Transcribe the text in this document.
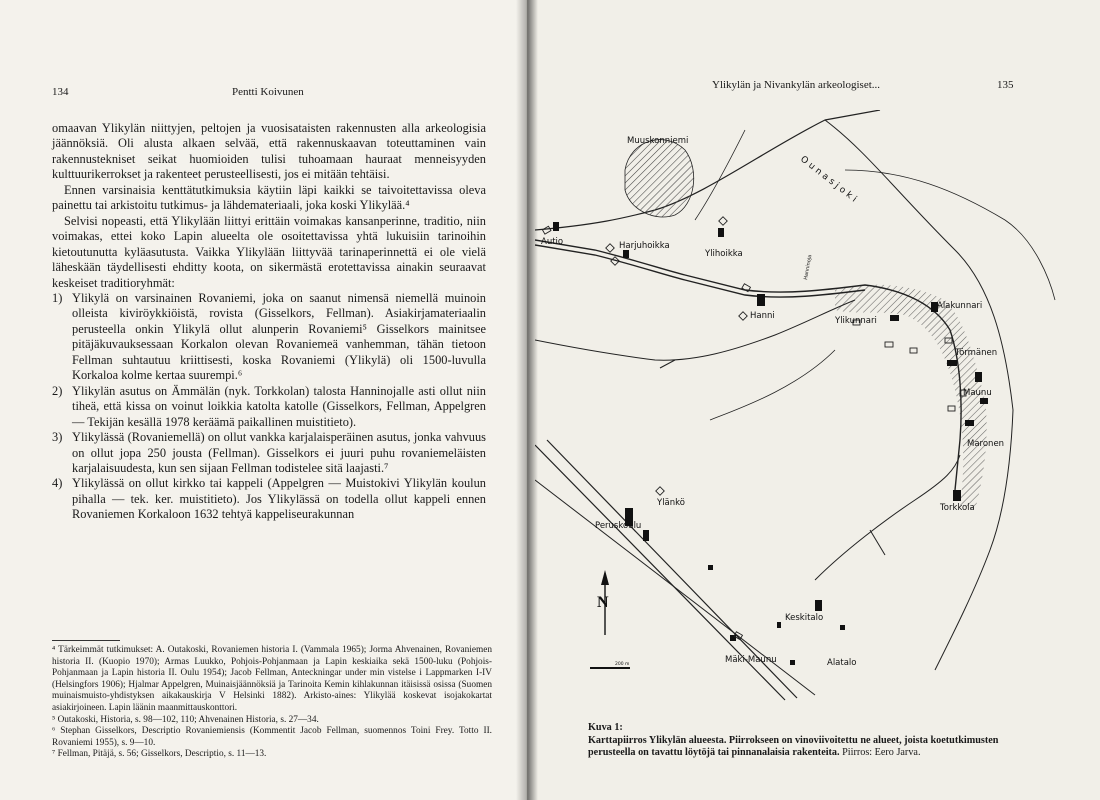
134	Pentti Koivunen

omaavan Ylikylän niittyjen, peltojen ja vuosisataisten rakennusten alla arkeologisia jäännöksiä. Oli alusta alkaen selvää, että rakennuskaavan toteuttaminen vain rakennustekniset seikat huomioiden tulisi tuhoamaan hauraat menneisyyden kulttuurikerrokset ja rakenteet perusteellisesti, jos ei mitään tehtäisi.

Ennen varsinaisia kenttätutkimuksia käytiin läpi kaikki se taivoitettavissa oleva painettu tai arkistoitu tutkimus- ja lähdemateriaali, joka koski Ylikylää.⁴

Selvisi nopeasti, että Ylikylään liittyi erittäin voimakas kansanperinne, traditio, niin voimakas, ettei koko Lapin alueelta ole osoitettavissa yhtä lukuisiin tarinoihin kietoutunutta kyläasutusta. Vaikka Ylikylään liittyvää tarinaperinnettä ei ole vielä läheskään täydellisesti ehditty koota, on sikermästä erotettavissa ainakin seuraavat keskeiset traditioryhmät:

1) Ylikylä on varsinainen Rovaniemi, joka on saanut nimensä niemellä muinoin olleista kiviröykkiöistä, rovista (Gisselkors, Fellman). Asiakirjamateriaalin perusteella onkin Ylikylä ollut alunperin Rovaniemi⁵ Gisselkors mainitsee pitäjäkuvauksessaan Korkalon olevan Rovaniemeä vanhemman, tähän tietoon Fellman suhtautuu kriittisesti, koska Rovaniemi (Ylikylä) oli 1500-luvulla Korkaloa kolme kertaa suurempi.⁶
2) Ylikylän asutus on Ämmälän (nyk. Torkkolan) talosta Hanninojalle asti ollut niin tiheä, että kissa on voinut loikkia katolta katolle (Gisselkors, Fellman, Appelgren — Tekijän kesällä 1978 keräämä paikallinen muistitieto).
3) Ylikylässä (Rovaniemellä) on ollut vankka karjalaisperäinen asutus, jonka vahvuus on ollut jopa 250 jousta (Fellman). Gisselkors ei juuri puhu rovaniemeläisten karjalaisuudesta, kun sen sijaan Fellman todistelee sitä laajasti.⁷
4) Ylikylässä on ollut kirkko tai kappeli (Appelgren — Muistokivi Ylikylän koulun pihalla — tek. ker. muistitieto). Jos Ylikylässä on todella ollut kappeli ennen Rovaniemen Korkaloon 1632 tehtyä kappeliseurakunnan

⁴ Tärkeimmät tutkimukset: A. Outakoski, Rovaniemen historia I. (Vammala 1965); Jorma Ahvenainen, Rovaniemen historia II. (Kuopio 1970); Armas Luukko, Pohjois-Pohjanmaan ja Lapin keskiaika sekä 1500-luku (Pohjois-Pohjanmaan ja Lapin historia II. Oulu 1954); Jacob Fellman, Anteckningar under min vistelse i Lappmarken I-IV (Helsingfors 1906); Hjalmar Appelgren, Muinaisjäännöksiä ja Tarinoita Kemin kihlakunnan itäisissä osissa (Suomen muinaismuisto-yhdistyksen aikakauskirja V Helsinki 1882). Arkisto-aines: Ylikylää koskevat isojakokartat asiakirjoineen. Lapin läänin maanmittauskonttori.

⁵ Outakoski, Historia, s. 98—102, 110; Ahvenainen Historia, s. 27—34.

⁶ Stephan Gisselkors, Descriptio Rovaniemiensis (Kommentit Jacob Fellman, suomennos Toini Frey. Totto II. Rovaniemi 1955), s. 9—10.

⁷ Fellman, Pitäjä, s. 56; Gisselkors, Descriptio, s. 11—13.

Ylikylän ja Nivankylän arkeologiset...	135
Muuskonniemi
Ounasjoki
Autio	Harjuhoikka
Ylihoikka
Hanni	Ylikunnari
Alakunnari
Törmänen
Maunu
Maronen
Torkkola
Ylänkö
Peruskoulu
Keskitalo
Mäki-Maunu	Alatalo
Hanninoja
N
200 m

Kuva 1:

Karttapiirros Ylikylän alueesta. Piirrokseen on vinoviivoitettu ne alueet, joista koetutkimusten perusteella on tavattu löytöjä tai pinnanalaisia rakenteita. Piirros: Eero Jarva.
